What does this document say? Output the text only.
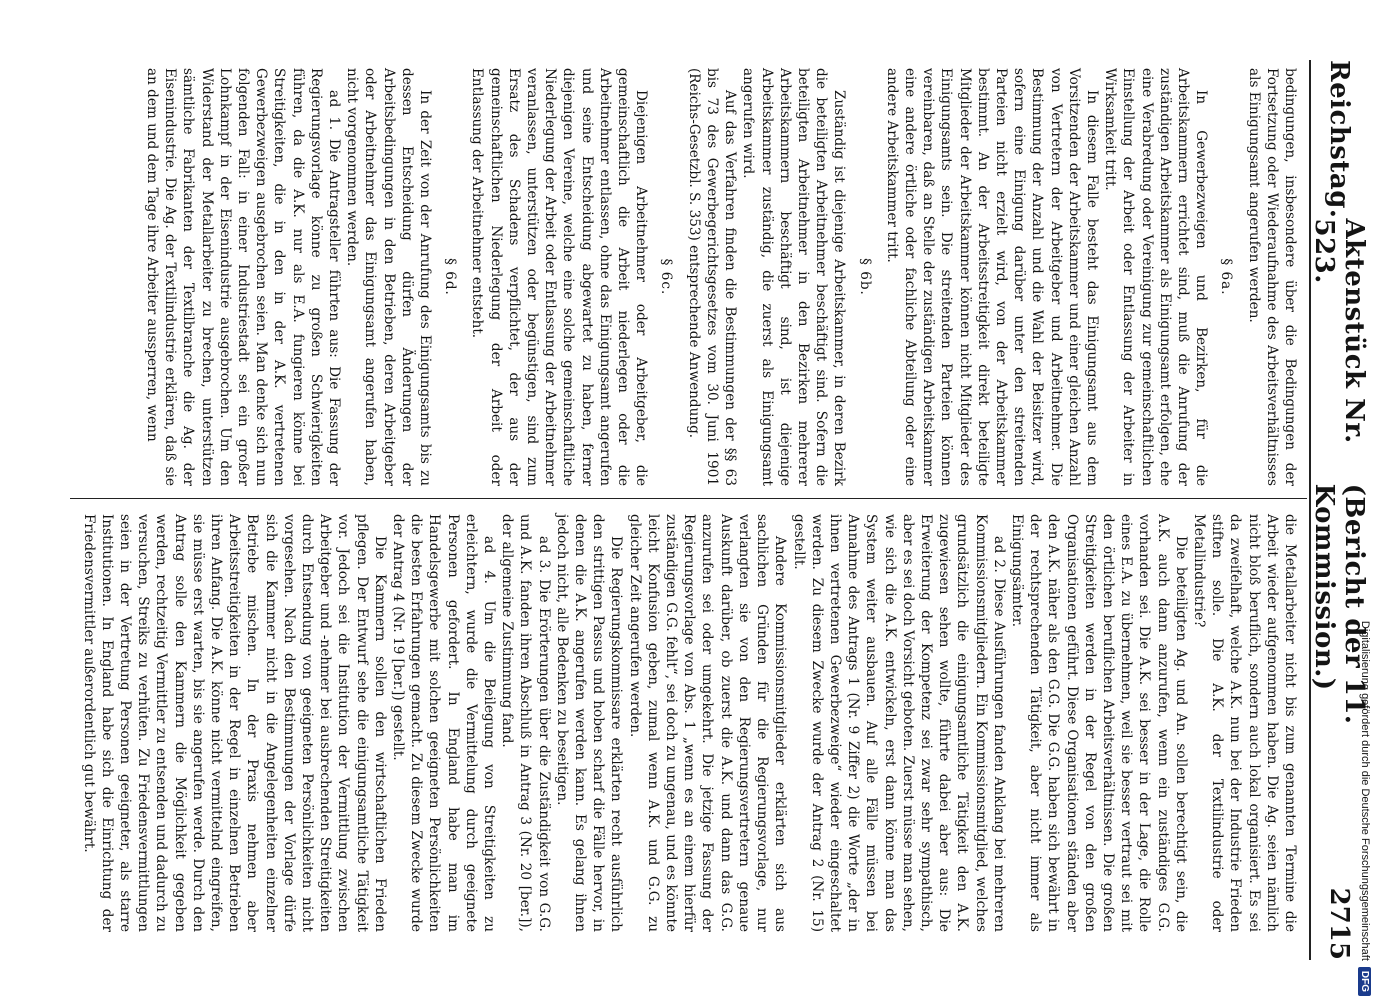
Reichstag.
Aktenstück Nr. 523.
(Bericht der 11. Kommission.)
2715

bedingungen, insbesondere über die Bedingungen der Fortsetzung oder Wiederaufnahme des Arbeitsverhältnisses als Einigungsamt angerufen werden.

§ 6a.

In Gewerbezweigen und Bezirken, für die Arbeitskammern errichtet sind, muß die Anrufung der zuständigen Arbeitskammer als Einigungsamt erfolgen, ehe eine Verabredung oder Vereinigung zur gemeinschaftlichen Einstellung der Arbeit oder Entlassung der Arbeiter in Wirksamkeit tritt.

In diesem Falle besteht das Einigungsamt aus dem Vorsitzenden der Arbeitskammer und einer gleichen Anzahl von Vertretern der Arbeitgeber und Arbeitnehmer. Die Bestimmung der Anzahl und die Wahl der Beisitzer wird, sofern eine Einigung darüber unter den streitenden Parteien nicht erzielt wird, von der Arbeitskammer bestimmt. An der Arbeitsstreitigkeit direkt beteiligte Mitglieder der Arbeitskammer können nicht Mitglieder des Einigungsamts sein. Die streitenden Parteien können vereinbaren, daß an Stelle der zuständigen Arbeitskammer eine andere örtliche oder fachliche Abteilung oder eine andere Arbeitskammer tritt.

§ 6b.

Zuständig ist diejenige Arbeitskammer, in deren Bezirk die beteiligten Arbeitnehmer beschäftigt sind. Sofern die beteiligten Arbeitnehmer in den Bezirken mehrerer Arbeitskammern beschäftigt sind, ist diejenige Arbeitskammer zuständig, die zuerst als Einigungsamt angerufen wird.

Auf das Verfahren finden die Bestimmungen der §§ 63 bis 73 des Gewerbegerichtsgesetzes vom 30. Juni 1901 (Reichs-Gesetzbl. S. 353) entsprechende Anwendung.

§ 6c.

Diejenigen Arbeitnehmer oder Arbeitgeber, die gemeinschaftlich die Arbeit niederlegen oder die Arbeitnehmer entlassen, ohne das Einigungsamt angerufen und seine Entscheidung abgewartet zu haben, ferner diejenigen Vereine, welche eine solche gemeinschaftliche Niederlegung der Arbeit oder Entlassung der Arbeitnehmer veranlassen, unterstützen oder begünstigen, sind zum Ersatz des Schadens verpflichtet, der aus der gemeinschaftlichen Niederlegung der Arbeit oder Entlassung der Arbeitnehmer entsteht.

§ 6d.

In der Zeit von der Anrufung des Einigungsamts bis zu dessen Entscheidung dürfen Änderungen der Arbeitsbedingungen in den Betrieben, deren Arbeitgeber oder Arbeitnehmer das Einigungsamt angerufen haben, nicht vorgenommen werden.

ad 1. Die Antragsteller führten aus: Die Fassung der Regierungsvorlage könne zu großen Schwierigkeiten führen, da die A.K. nur als E.A. fungieren könne bei Streitigkeiten, die in den in der A.K. vertretenen Gewerbezweigen ausgebrochen seien. Man denke sich nun folgenden Fall: in einer Industriestadt sei ein großer Lohnkampf in der Eisenindustrie ausgebrochen. Um den Widerstand der Metallarbeiter zu brechen, unterstützen sämtliche Fabrikanten der Textilbranche die Ag. der Eisenindustrie. Die Ag. der Textilindustrie erklären, daß sie an dem und dem Tage ihre Arbeiter aussperren, wenn

die Metallarbeiter nicht bis zum genannten Termine die Arbeit wieder aufgenommen haben. Die Ag. seien nämlich nicht bloß beruflich, sondern auch lokal organisiert. Es sei da zweifelhaft, welche A.K. nun bei der Industrie Frieden stiften solle. Die A.K. der Textilindustrie oder Metallindustrie?

Die beteiligten Ag. und An. sollen berechtigt sein, die A.K. auch dann anzurufen, wenn ein zuständiges G.G. vorhanden sei. Die A.K. sei besser in der Lage, die Rolle eines E.A. zu übernehmen, weil sie besser vertraut sei mit den örtlichen beruflichen Arbeitsverhältnissen. Die großen Streitigkeiten werden in der Regel von den großen Organisationen geführt. Diese Organisationen ständen aber den A.K. näher als den G.G. Die G.G. haben sich bewährt in der rechtsprechenden Tätigkeit, aber nicht immer als Einigungsämter.

ad 2. Diese Ausführungen fanden Anklang bei mehreren Kommissionsmitgliedern. Ein Kommissionsmitglied, welches grundsätzlich die einigungsamtliche Tätigkeit den A.K. zugewiesen sehen wollte, führte dabei aber aus: Die Erweiterung der Kompetenz sei zwar sehr sympathisch, aber es sei doch Vorsicht geboten. Zuerst müsse man sehen, wie sich die A.K. entwickeln, erst dann könne man das System weiter ausbauen. Auf alle Fälle müssen bei Annahme des Antrags 1 (Nr. 9 Ziffer 2) die Worte „der in ihnen vertretenen Gewerbezweige“ wieder eingeschaltet werden. Zu diesem Zwecke wurde der Antrag 2 (Nr. 15) gestellt.

Andere Kommissionsmitglieder erklärten sich aus sachlichen Gründen für die Regierungsvorlage, nur verlangten sie von den Regierungsvertretern genaue Auskunft darüber, ob zuerst die A.K. und dann das G.G. anzurufen sei oder umgekehrt. Die jetzige Fassung der Regierungsvorlage von Abs. 1 „wenn es an einem hierfür zuständigen G.G. fehlt“, sei doch zu ungenau, und es könnte leicht Konfusion geben, zumal wenn A.K. und G.G. zu gleicher Zeit angerufen werden.

Die Regierungskommissare erklärten recht ausführlich den strittigen Passus und hoben scharf die Fälle hervor, in denen die A.K. angerufen werden kann. Es gelang ihnen jedoch nicht, alle Bedenken zu beseitigen.

ad 3. Die Erörterungen über die Zuständigkeit von G.G. und A.K. fanden ihren Abschluß in Antrag 3 (Nr. 20 [ber.]), der allgemeine Zustimmung fand.

ad 4. Um die Beilegung von Streitigkeiten zu erleichtern, wurde die Vermittelung durch geeignete Personen gefordert. In England habe man im Handelsgewerbe mit solchen geeigneten Persönlichkeiten die besten Erfahrungen gemacht. Zu diesem Zwecke wurde der Antrag 4 (Nr. 19 [ber.]) gestellt.

Die Kammern sollen den wirtschaftlichen Frieden pflegen. Der Entwurf sehe die einigungsamtliche Tätigkeit vor. Jedoch sei die Institution der Vermittlung zwischen Arbeitgeber und -nehmer bei ausbrechenden Streitigkeiten durch Entsendung von geeigneten Persönlichkeiten nicht vorgesehen. Nach den Bestimmungen der Vorlage dürfe sich die Kammer nicht in die Angelegenheiten einzelner Betriebe mischen. In der Praxis nehmen aber Arbeitsstreitigkeiten in der Regel in einzelnen Betrieben ihren Anfang. Die A.K. könne nicht vermittelnd eingreifen, sie müsse erst warten, bis sie angerufen werde. Durch den Antrag solle den Kammern die Möglichkeit gegeben werden, rechtzeitig Vermittler zu entsenden und dadurch zu versuchen, Streiks zu verhüten. Zu Friedensvermittlungen seien in der Vertretung Personen geeigneter, als starre Institutionen. In England habe sich die Einrichtung der Friedensvermittler außerordentlich gut bewährt.	Digitalisierung gefördert durch die Deutsche Forschungsgemeinschaft
DFG
